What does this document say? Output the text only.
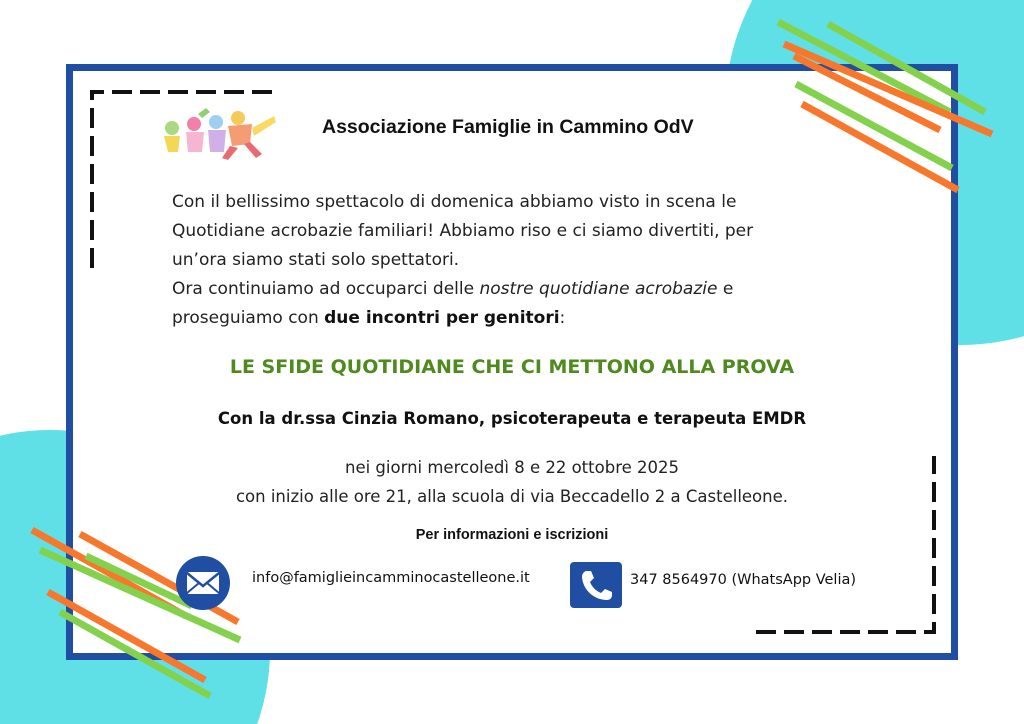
Associazione Famiglie in Cammino OdV

Con il bellissimo spettacolo di domenica abbiamo visto in scena le

Quotidiane acrobazie familiari! Abbiamo riso e ci siamo divertiti, per

un’ora siamo stati solo spettatori.

Ora continuiamo ad occuparci delle nostre quotidiane acrobazie e

proseguiamo con due incontri per genitori:

LE SFIDE QUOTIDIANE CHE CI METTONO ALLA PROVA
Con la dr.ssa Cinzia Romano, psicoterapeuta e terapeuta EMDR
nei giorni mercoledì 8 e 22 ottobre 2025
con inizio alle ore 21, alla scuola di via Beccadello 2 a Castelleone.
Per informazioni e iscrizioni
info@famiglieincamminocastelleone.it	347 8564970 (WhatsApp Velia)
